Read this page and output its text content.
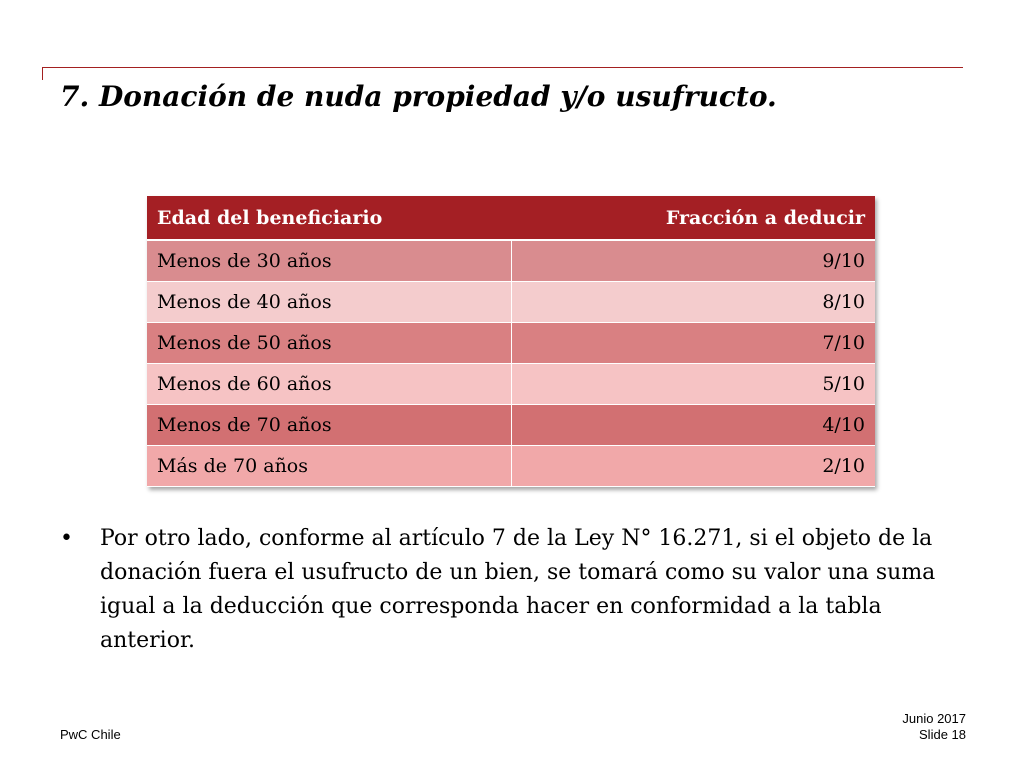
7. Donación de nuda propiedad y/o usufructo.
Edad del beneficiario	Fracción a deducir
Menos de 30 años	9/10
Menos de 40 años	8/10
Menos de 50 años	7/10
Menos de 60 años	5/10
Menos de 70 años	4/10
Más de 70 años	2/10
•	Por otro lado, conforme al artículo 7 de la Ley N° 16.271, si el objeto de la donación fuera el usufructo de un bien, se tomará como su valor una suma igual a la deducción que corresponda hacer en conformidad a la tabla anterior.
PwC Chile
Junio 2017
Slide 18
